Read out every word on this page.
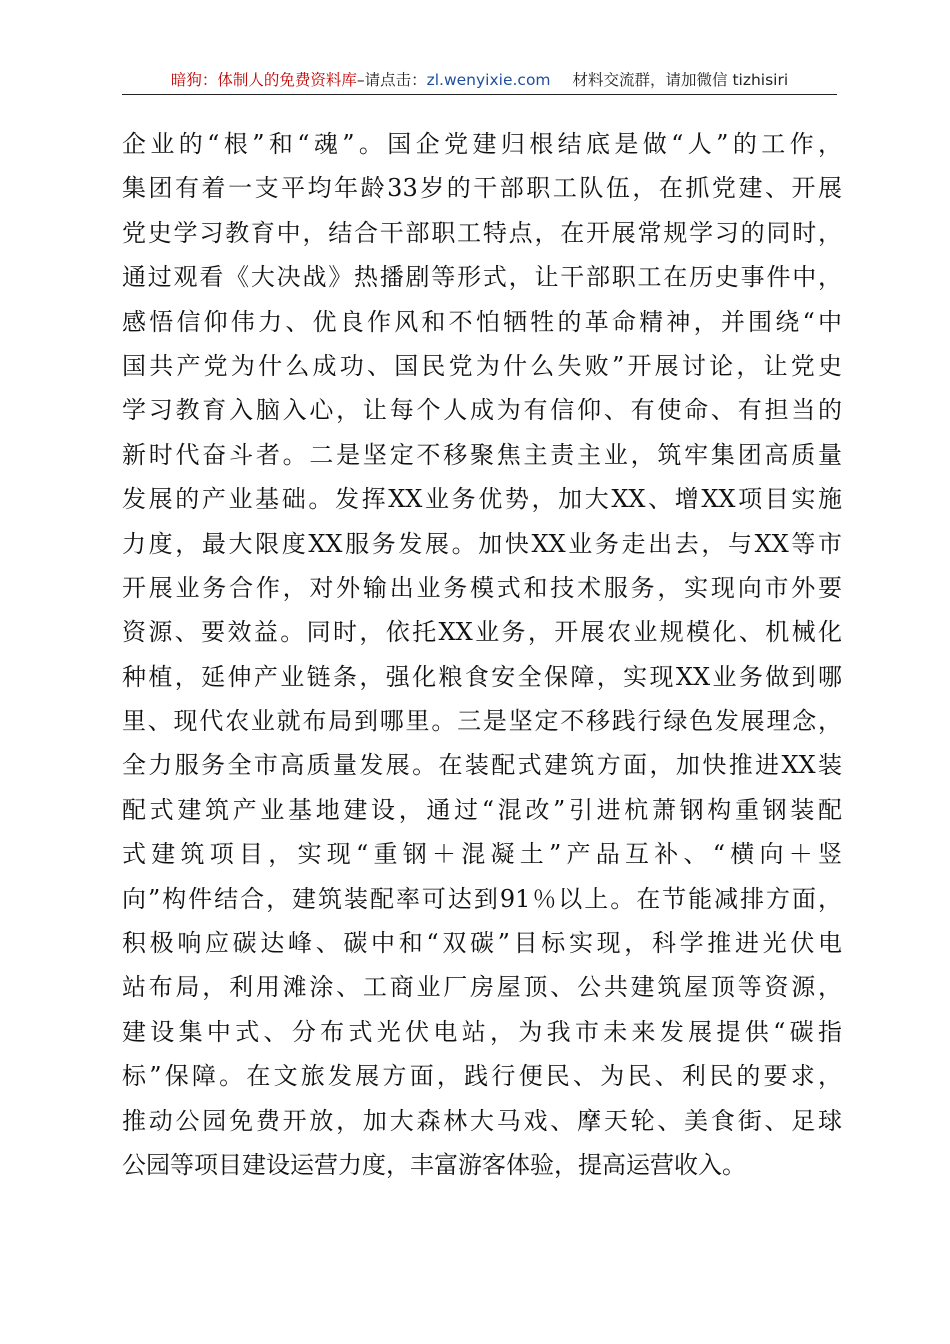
暗狗：体制人的免费资料库–请点击：zl.wenyixie.com 材料交流群，请加微信 tizhisiri
企业的“根”和“魂”。国企党建归根结底是做“人”的工作，
集团有着一支平均年龄33岁的干部职工队伍，在抓党建、开展
党史学习教育中，结合干部职工特点，在开展常规学习的同时，
通过观看《大决战》热播剧等形式，让干部职工在历史事件中，
感悟信仰伟力、优良作风和不怕牺牲的革命精神，并围绕“中
国共产党为什么成功、国民党为什么失败”开展讨论，让党史
学习教育入脑入心，让每个人成为有信仰、有使命、有担当的
新时代奋斗者。二是坚定不移聚焦主责主业，筑牢集团高质量
发展的产业基础。发挥XX业务优势，加大XX、增XX项目实施
力度，最大限度XX服务发展。加快XX业务走出去，与XX等市
开展业务合作，对外输出业务模式和技术服务，实现向市外要
资源、要效益。同时，依托XX业务，开展农业规模化、机械化
种植，延伸产业链条，强化粮食安全保障，实现XX业务做到哪
里、现代农业就布局到哪里。三是坚定不移践行绿色发展理念，
全力服务全市高质量发展。在装配式建筑方面，加快推进XX装
配式建筑产业基地建设，通过“混改”引进杭萧钢构重钢装配
式建筑项目，实现“重钢＋混凝土”产品互补、“横向＋竖
向”构件结合，建筑装配率可达到91％以上。在节能减排方面，
积极响应碳达峰、碳中和“双碳”目标实现，科学推进光伏电
站布局，利用滩涂、工商业厂房屋顶、公共建筑屋顶等资源，
建设集中式、分布式光伏电站，为我市未来发展提供“碳指
标”保障。在文旅发展方面，践行便民、为民、利民的要求，
推动公园免费开放，加大森林大马戏、摩天轮、美食街、足球
公园等项目建设运营力度，丰富游客体验，提高运营收入。
